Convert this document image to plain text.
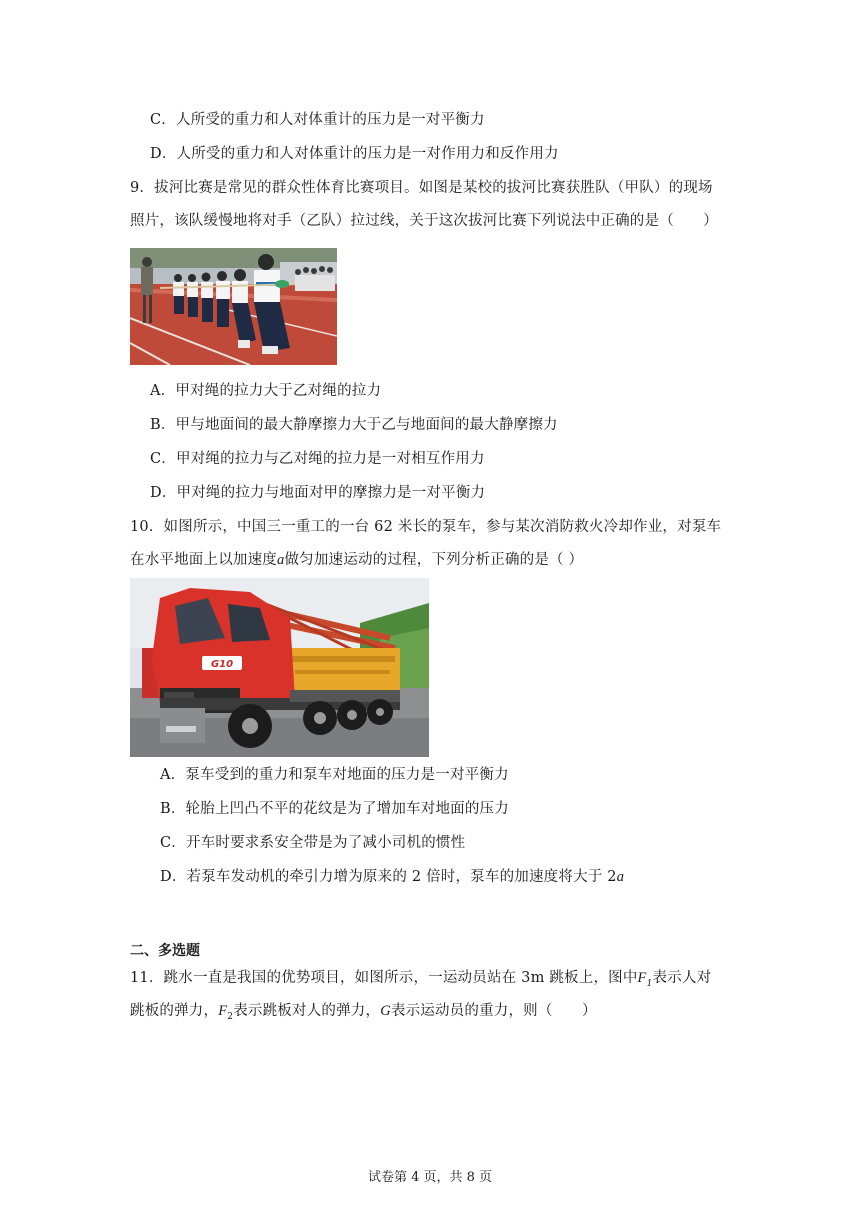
C．人所受的重力和人对体重计的压力是一对平衡力
D．人所受的重力和人对体重计的压力是一对作用力和反作用力
9．拔河比赛是常见的群众性体育比赛项目。如图是某校的拔河比赛获胜队（甲队）的现场
照片，该队缓慢地将对手（乙队）拉过线，关于这次拔河比赛下列说法中正确的是（　　）
A．甲对绳的拉力大于乙对绳的拉力
B．甲与地面间的最大静摩擦力大于乙与地面间的最大静摩擦力
C．甲对绳的拉力与乙对绳的拉力是一对相互作用力
D．甲对绳的拉力与地面对甲的摩擦力是一对平衡力
10．如图所示，中国三一重工的一台 62 米长的泵车，参与某次消防救火冷却作业，对泵车
在水平地面上以加速度a做匀加速运动的过程，下列分析正确的是（ ）
G10
A．泵车受到的重力和泵车对地面的压力是一对平衡力
B．轮胎上凹凸不平的花纹是为了增加车对地面的压力
C．开车时要求系安全带是为了减小司机的惯性
D．若泵车发动机的牵引力增为原来的 2 倍时，泵车的加速度将大于 2a
二、多选题
11．跳水一直是我国的优势项目，如图所示，一运动员站在 3m 跳板上，图中$F_1$表示人对
跳板的弹力，$F_2$表示跳板对人的弹力，G表示运动员的重力，则（　　）
试卷第 4 页，共 8 页
